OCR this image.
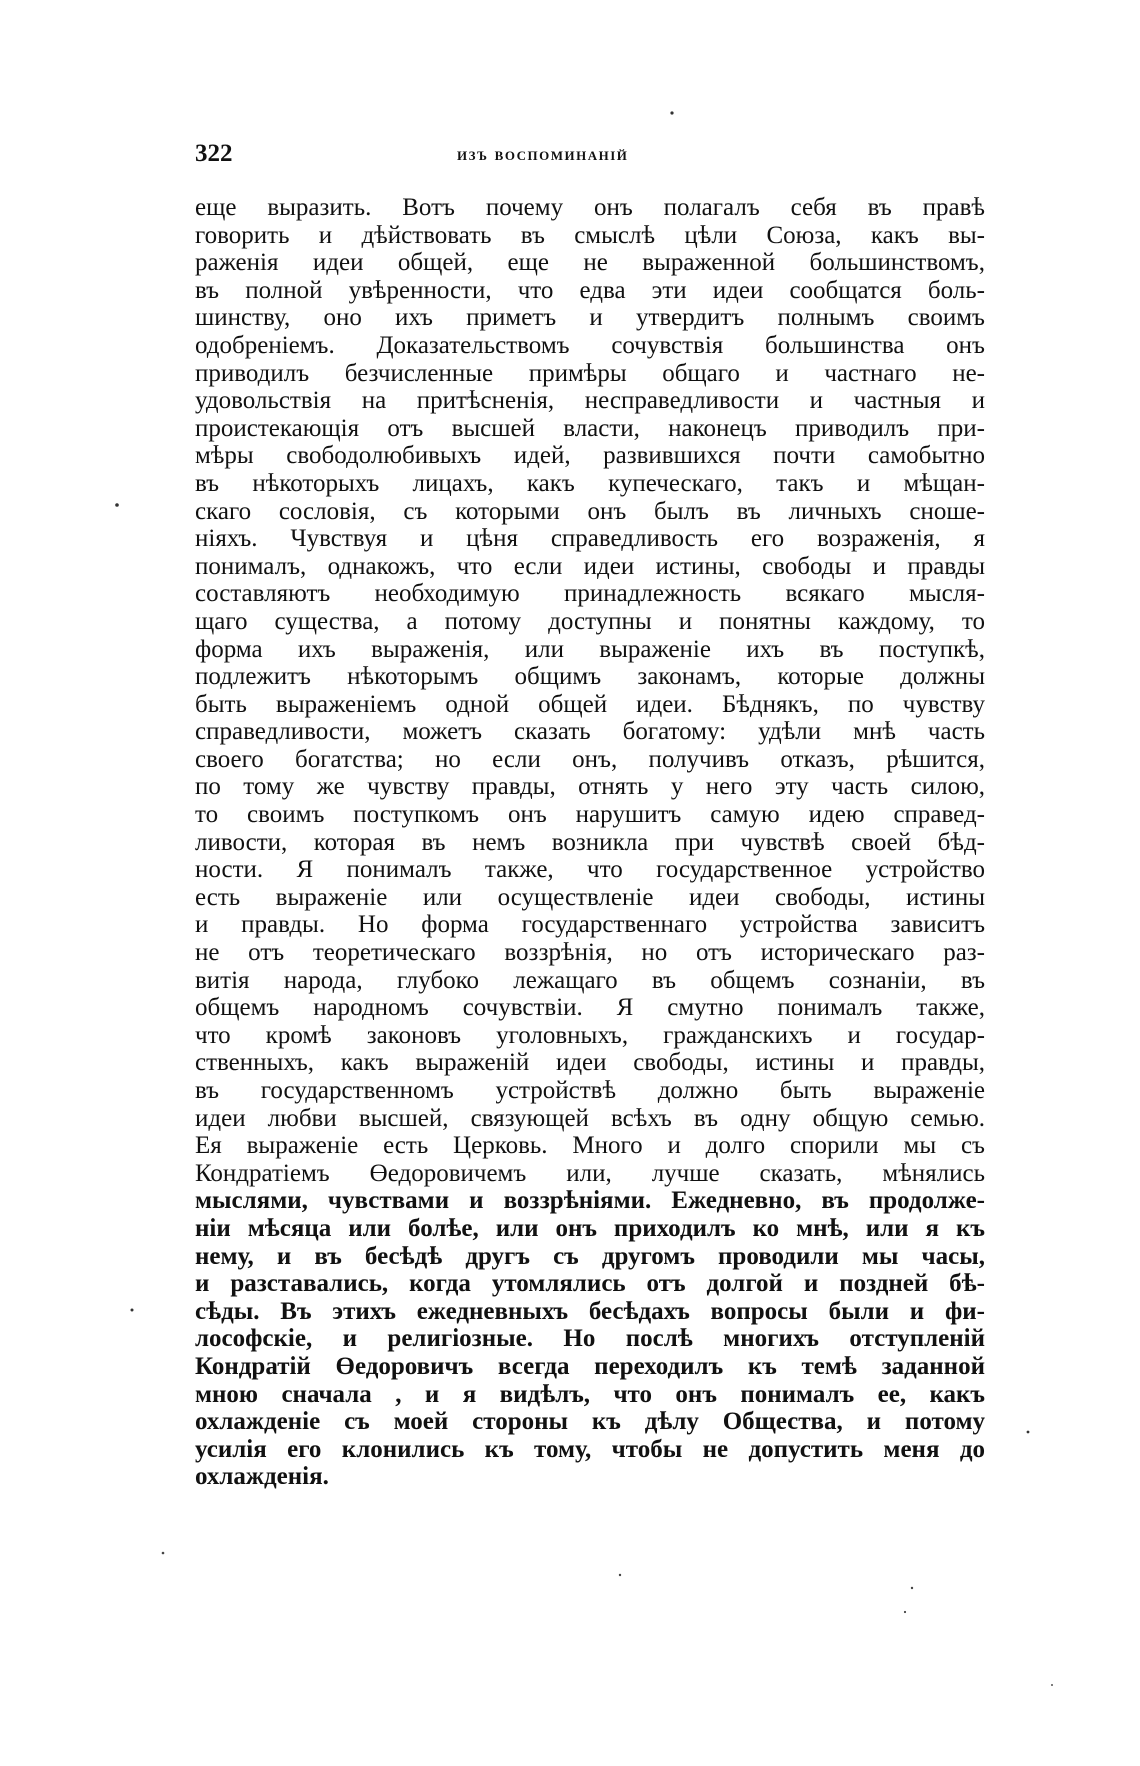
322	изъ воспоминаній
еще выразить. Вотъ почему онъ полагалъ себя въ правѣ
говорить и дѣйствовать въ смыслѣ цѣли Союза, какъ вы-
раженія идеи общей, еще не выраженной большинствомъ,
въ полной увѣренности, что едва эти идеи сообщатся боль-
шинству, оно ихъ приметъ и утвердитъ полнымъ своимъ
одобреніемъ. Доказательствомъ сочувствія большинства онъ
приводилъ безчисленные примѣры общаго и частнаго не-
удовольствія на притѣсненія, несправедливости и частныя и
проистекающія отъ высшей власти, наконецъ приводилъ при-
мѣры свободолюбивыхъ идей, развившихся почти самобытно
въ нѣкоторыхъ лицахъ, какъ купеческаго, такъ и мѣщан-
скаго сословія, съ которыми онъ былъ въ личныхъ сноше-
ніяхъ. Чувствуя и цѣня справедливость его возраженія, я
понималъ, однакожъ, что если идеи истины, свободы и правды
составляютъ необходимую принадлежность всякаго мысля-
щаго существа, а потому доступны и понятны каждому, то
форма ихъ выраженія, или выраженіе ихъ въ поступкѣ,
подлежитъ нѣкоторымъ общимъ законамъ, которые должны
быть выраженіемъ одной общей идеи. Бѣднякъ, по чувству
справедливости, можетъ сказать богатому: удѣли мнѣ часть
своего богатства; но если онъ, получивъ отказъ, рѣшится,
по тому же чувству правды, отнять у него эту часть силою,
то своимъ поступкомъ онъ нарушитъ самую идею справед-
ливости, которая въ немъ возникла при чувствѣ своей бѣд-
ности. Я понималъ также, что государственное устройство
есть выраженіе или осуществленіе идеи свободы, истины
и правды. Но форма государственнаго устройства зависитъ
не отъ теоретическаго воззрѣнія, но отъ историческаго раз-
витія народа, глубоко лежащаго въ общемъ сознаніи, въ
общемъ народномъ сочувствіи. Я смутно понималъ также,
что кромѣ законовъ уголовныхъ, гражданскихъ и государ-
ственныхъ, какъ выраженій идеи свободы, истины и правды,
въ государственномъ устройствѣ должно быть выраженіе
идеи любви высшей, связующей всѣхъ въ одну общую семью.
Ея выраженіе есть Церковь. Много и долго спорили мы съ
Кондратіемъ Өедоровичемъ или, лучше сказать, мѣнялись
мыслями, чувствами и воззрѣніями. Ежедневно, въ продолже-
ніи мѣсяца или болѣе, или онъ приходилъ ко мнѣ, или я къ
нему, и въ бесѣдѣ другъ съ другомъ проводили мы часы,
и разставались, когда утомлялись отъ долгой и поздней бѣ-
сѣды. Въ этихъ ежедневныхъ бесѣдахъ вопросы были и фи-
лософскіе, и религіозные. Но послѣ многихъ отступленій
Кондратій Өедоровичъ всегда переходилъ къ темѣ заданной
мною сначала , и я видѣлъ, что онъ понималъ ее, какъ
охлажденіе съ моей стороны къ дѣлу Общества, и потому
усилія его клонились къ тому, чтобы не допустить меня до
охлажденія.
